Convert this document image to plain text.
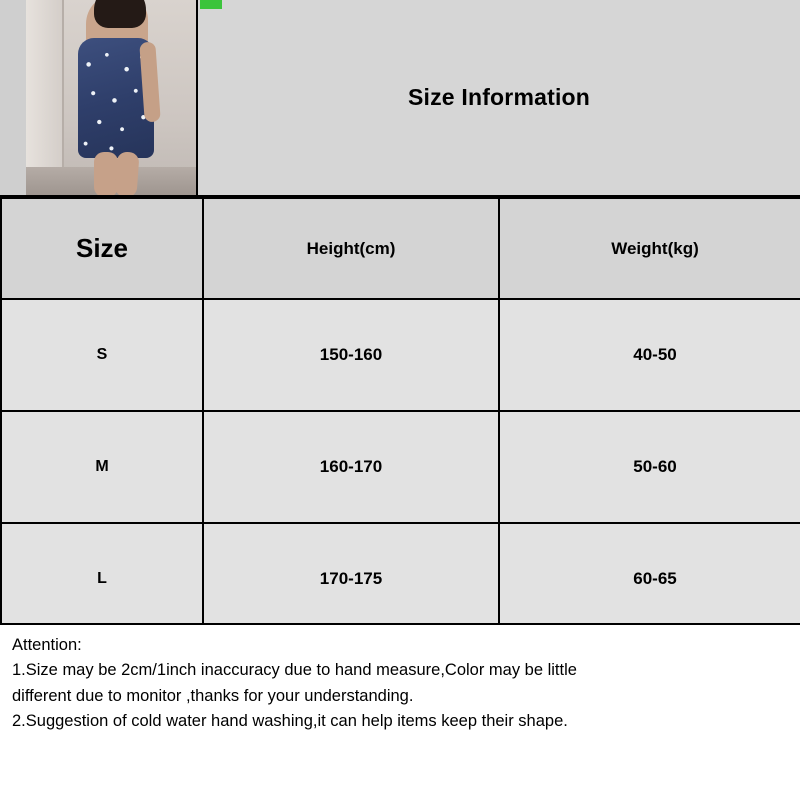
Size Information
Size	Height(cm)	Weight(kg)
S	150-160	40-50
M	160-170	50-60
L	170-175	60-65

Attention:

1.Size may be 2cm/1inch inaccuracy due to hand measure,Color may be little

different due to monitor ,thanks for your understanding.

2.Suggestion of cold water hand washing,it can help items keep their shape.
